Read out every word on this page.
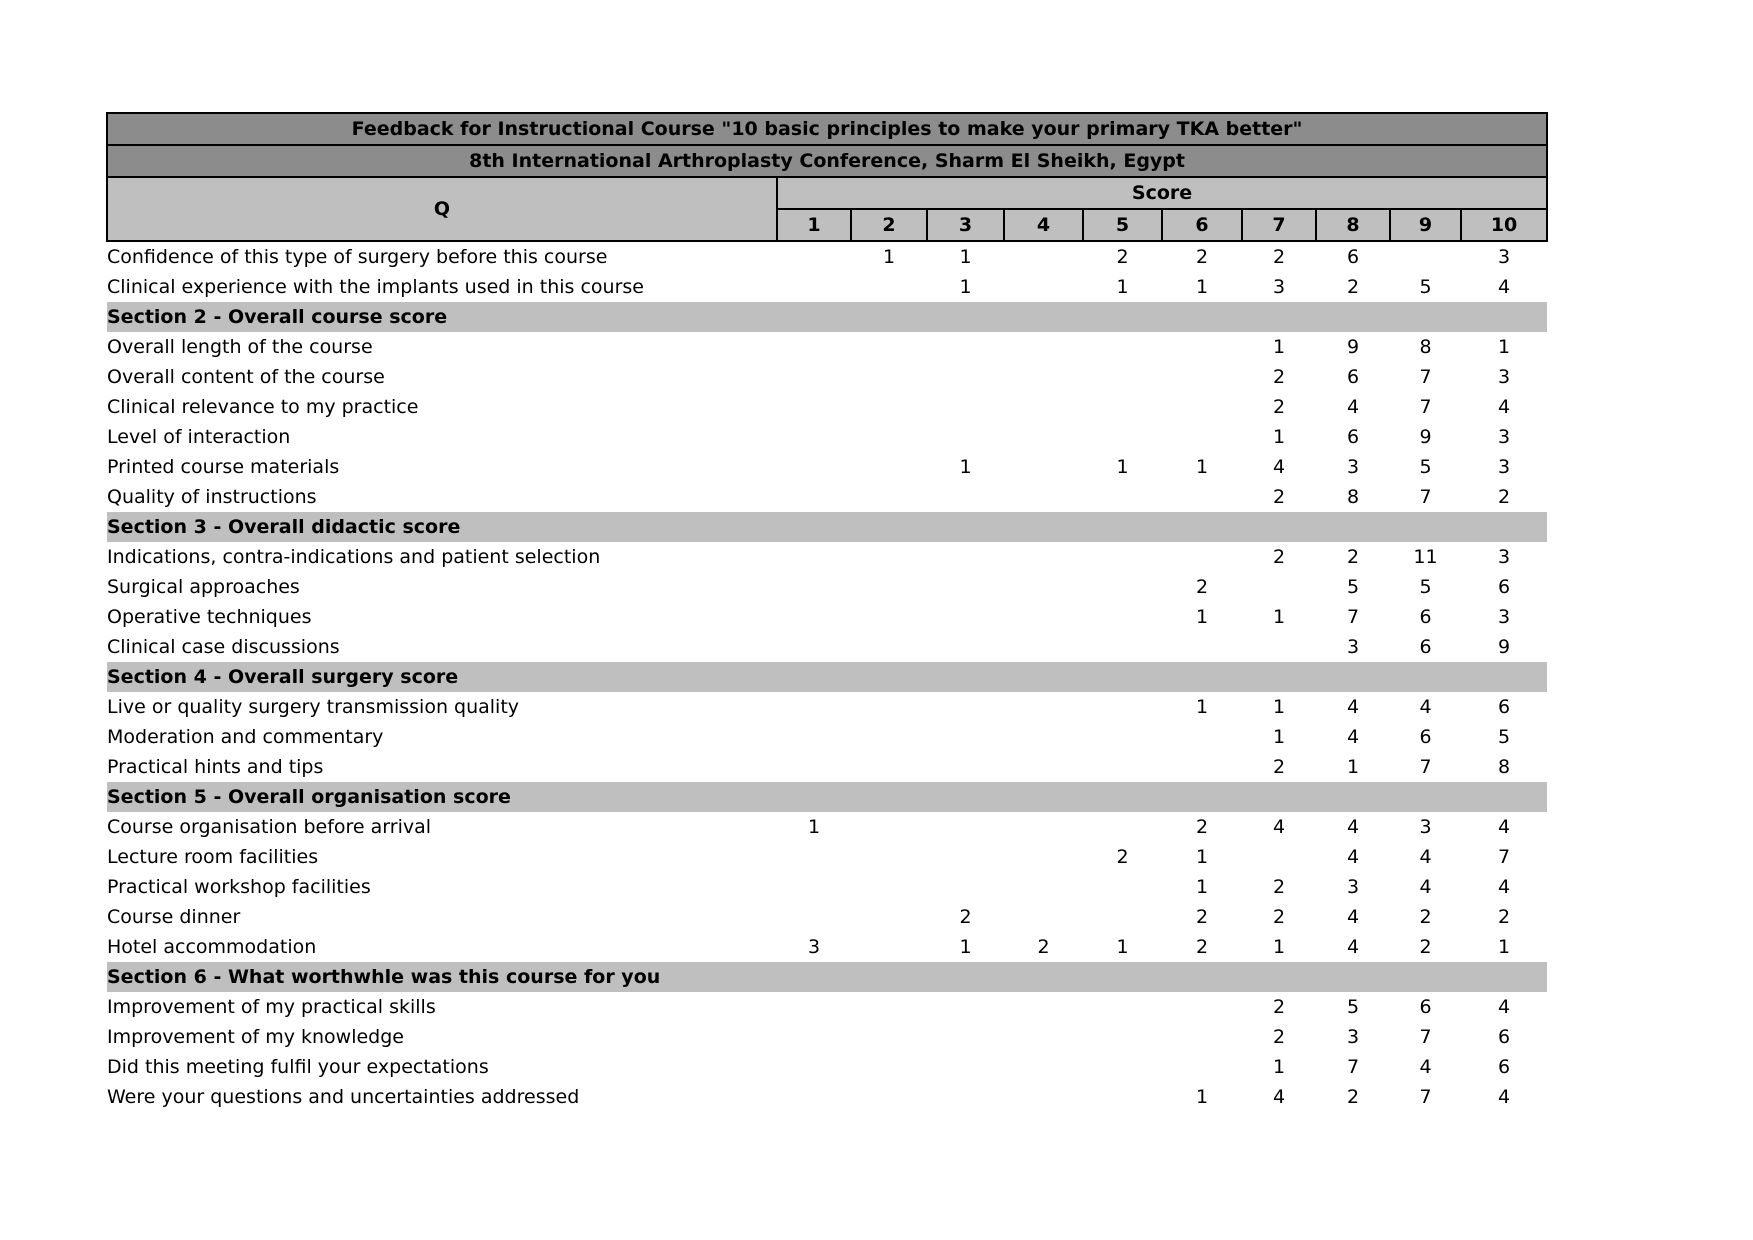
Feedback for Instructional Course "10 basic principles to make your primary TKA better"										
8th International Arthroplasty Conference, Sharm El Sheikh, Egypt										
Q	Score									
	1	2	3	4	5	6	7	8	9	10
Confidence of this type of surgery before this course		1	1		2	2	2	6		3
Clinical experience with the implants used in this course			1		1	1	3	2	5	4
Section 2 - Overall course score										
Overall length of the course							1	9	8	1
Overall content of the course							2	6	7	3
Clinical relevance to my practice							2	4	7	4
Level of interaction							1	6	9	3
Printed course materials			1		1	1	4	3	5	3
Quality of instructions							2	8	7	2
Section 3 - Overall didactic score										
Indications, contra-indications and patient selection							2	2	11	3
Surgical approaches						2		5	5	6
Operative techniques						1	1	7	6	3
Clinical case discussions								3	6	9
Section 4 - Overall surgery score										
Live or quality surgery transmission quality						1	1	4	4	6
Moderation and commentary							1	4	6	5
Practical hints and tips							2	1	7	8
Section 5 - Overall organisation score										
Course organisation before arrival	1					2	4	4	3	4
Lecture room facilities					2	1		4	4	7
Practical workshop facilities						1	2	3	4	4
Course dinner			2			2	2	4	2	2
Hotel accommodation	3		1	2	1	2	1	4	2	1
Section 6 - What worthwhle was this course for you										
Improvement of my practical skills							2	5	6	4
Improvement of my knowledge							2	3	7	6
Did this meeting fulfil your expectations							1	7	4	6
Were your questions and uncertainties addressed						1	4	2	7	4
